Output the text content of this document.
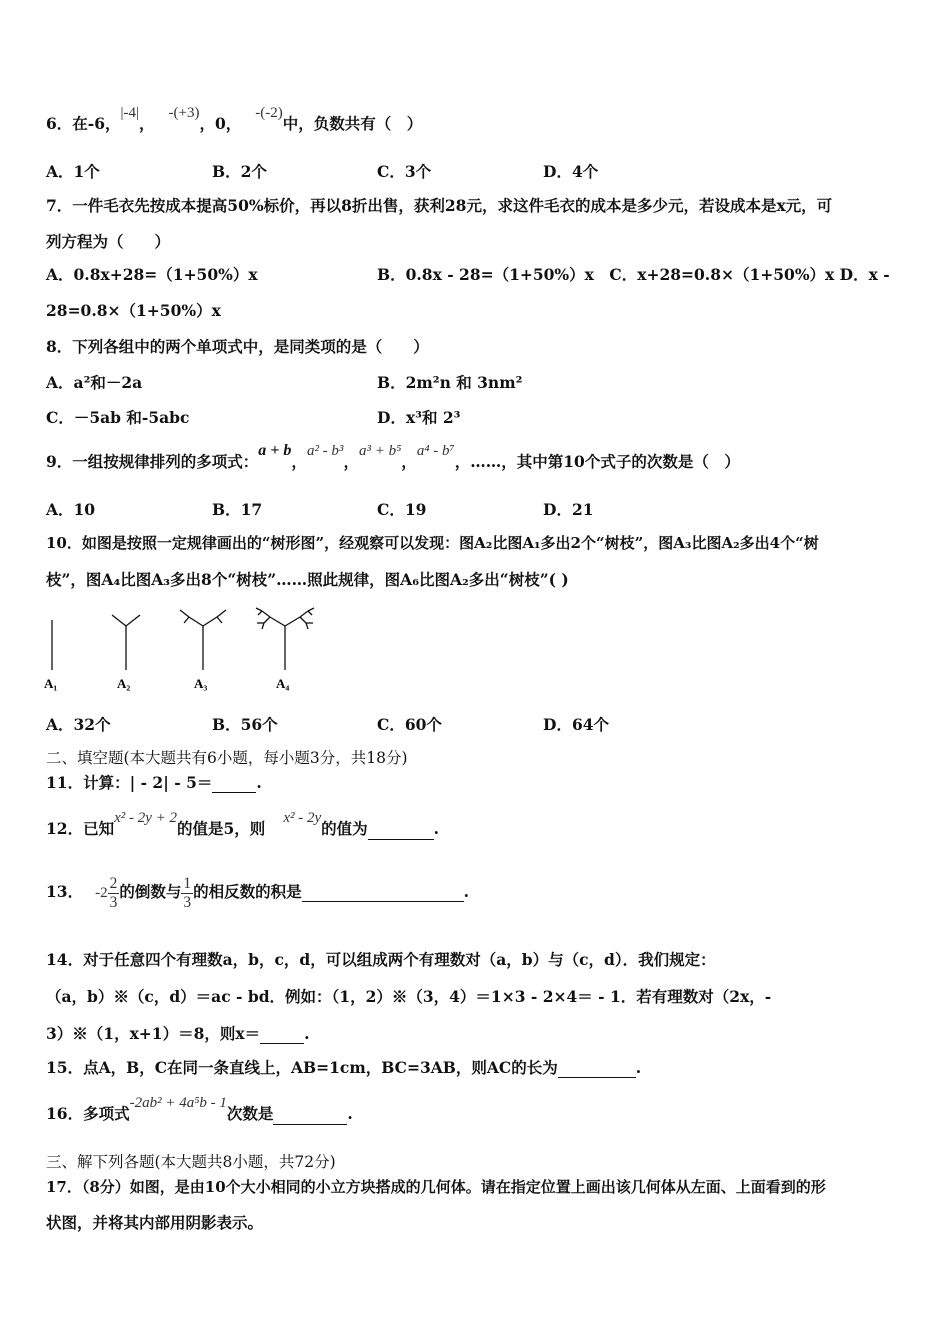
6．在-6，|-4|，-(+3)，0，-(-2)中，负数共有（　）
A．1个	B．2个	C．3个	D．4个
7．一件毛衣先按成本提高50%标价，再以8折出售，获利28元，求这件毛衣的成本是多少元，若设成本是x元，可
列方程为（　　）
A．0.8x+28=（1+50%）x	B．0.8x - 28=（1+50%）x　C．x+28=0.8×（1+50%）x D．x -
28=0.8×（1+50%）x
8．下列各组中的两个单项式中，是同类项的是（　　）
A．a²和－2a	B．2m²n 和 3nm²
C．－5ab 和-5abc	D．x³和 2³
9．一组按规律排列的多项式：a + b，a² - b³，a³ + b⁵，a⁴ - b⁷，……，其中第10个式子的次数是（　）
A．10	B．17	C．19	D．21
10．如图是按照一定规律画出的“树形图”，经观察可以发现：图A₂比图A₁多出2个“树枝”，图A₃比图A₂多出4个“树
枝”，图A₄比图A₃多出8个“树枝”……照此规律，图A₆比图A₂多出“树枝”( )
A₁	A₂	A₃	A₄
A．32个	B．56个	C．60个	D．64个
二、填空题(本大题共有6小题，每小题3分，共18分)
11．计算：| - 2| - 5＝	.
12．已知x² - 2y + 2的值是5，则x² - 2y的值为	.
13． $-2 \frac{2}{3}$ 的倒数与 $\frac{1}{3}$ 的相反数的积是	.
14．对于任意四个有理数a，b，c，d，可以组成两个有理数对（a，b）与（c，d）．我们规定：
（a，b）※（c，d）＝ac - bd．例如：（1，2）※（3，4）＝1×3 - 2×4＝ - 1．若有理数对（2x，-
3）※（1，x+1）＝8，则x＝	.
15．点A，B，C在同一条直线上，AB=1cm，BC=3AB，则AC的长为	.
16．多项式-2ab² + 4a⁵b - 1次数是	.
三、解下列各题(本大题共8小题，共72分)
17．（8分）如图，是由10个大小相同的小立方块搭成的几何体。请在指定位置上画出该几何体从左面、上面看到的形
状图，并将其内部用阴影表示。
